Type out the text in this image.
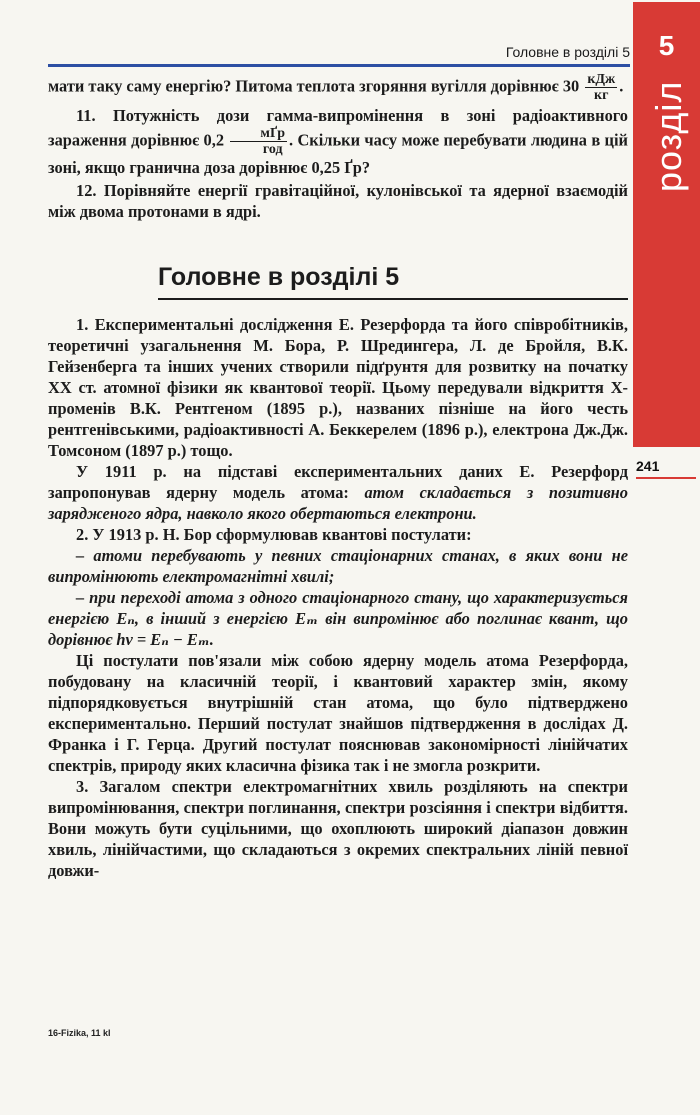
Головне в розділі 5	5
розділ
241

мати таку саму енергію? Питома теплота згоряння вугілля дорівнює $30 \frac{\text{кДж}}{кг}$ .

11. Потужність дози гамма-випромінення в зоні радіоактивного зараження дорівнює $0,2 \frac{\text{мҐр}}{\text{год}}$ . Скільки часу може перебувати людина в цій зоні, якщо гранична доза дорівнює 0,25 Ґр?

12. Порівняйте енергії гравітаційної, кулонівської та ядерної взаємодій між двома протонами в ядрі.

Головне в розділі 5

1. Експериментальні дослідження Е. Резерфорда та його співробітників, теоретичні узагальнення М. Бора, Р. Шредингера, Л. де Бройля, В.К. Гейзенберга та інших учених створили підґрунтя для розвитку на початку XX ст. атомної фізики як квантової теорії. Цьому передували відкриття X-променів В.К. Рентгеном (1895 р.), названих пізніше на його честь рентгенівськими, радіоактивності А. Беккерелем (1896 р.), електрона Дж.Дж. Томсоном (1897 р.) тощо.

У 1911 р. на підставі експериментальних даних Е. Резерфорд запропонував ядерну модель атома: атом складається з позитивно зарядженого ядра, навколо якого обертаються електрони.

2. У 1913 р. Н. Бор сформулював квантові постулати:

– атоми перебувають у певних стаціонарних станах, в яких вони не випромінюють електромагнітні хвилі;

– при переході атома з одного стаціонарного стану, що характеризується енергією Eₙ, в інший з енергією Eₘ він випромінює або поглинає квант, що дорівнює hν = Eₙ − Eₘ.

Ці постулати пов'язали між собою ядерну модель атома Резерфорда, побудовану на класичній теорії, і квантовий характер змін, якому підпорядковується внутрішній стан атома, що було підтверджено експериментально. Перший постулат знайшов підтвердження в дослідах Д. Франка і Г. Герца. Другий постулат пояснював закономірності лінійчатих спектрів, природу яких класична фізика так і не змогла розкрити.

3. Загалом спектри електромагнітних хвиль розділяють на спектри випромінювання, спектри поглинання, спектри розсіяння і спектри відбиття. Вони можуть бути суцільними, що охоплюють широкий діапазон довжин хвиль, лінійчастими, що складаються з окремих спектральних ліній певної довжи-

16-Fizika, 11 kl
